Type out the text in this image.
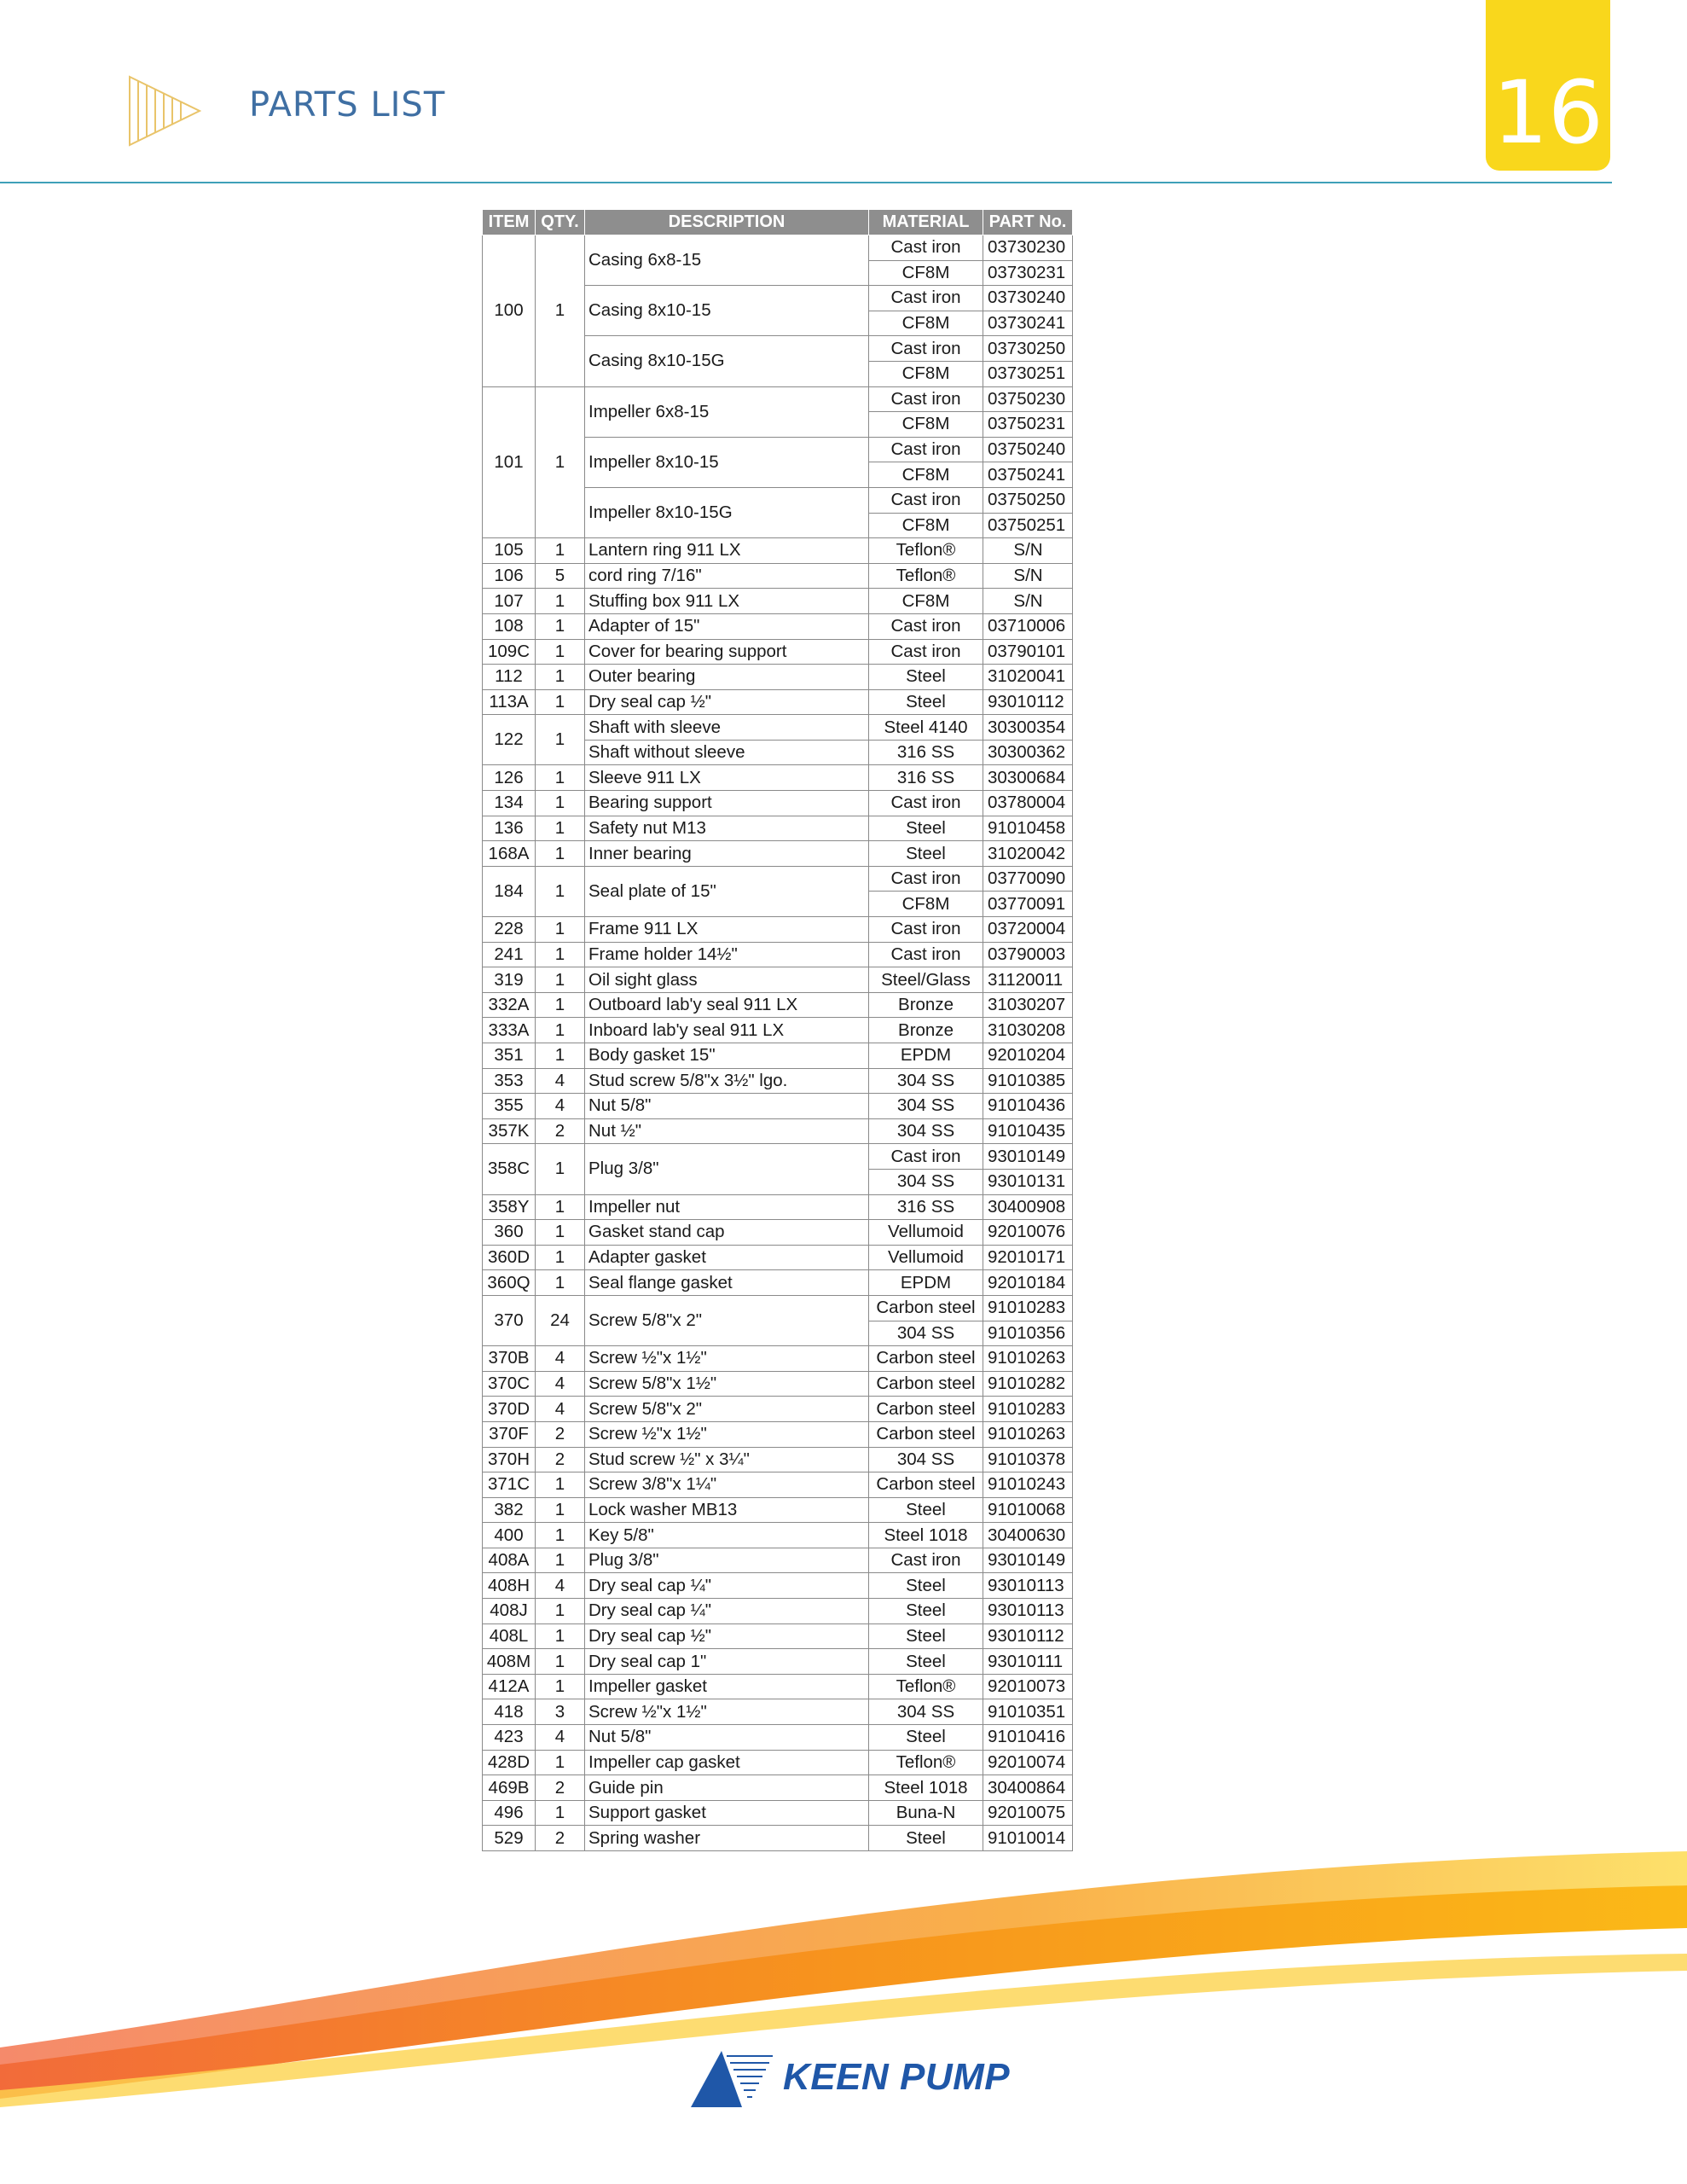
PARTS LIST	16
ITEM	QTY.	DESCRIPTION	MATERIAL	PART No.
100	1	Casing 6x8-15	Cast iron	03730230
			CF8M	03730231
		Casing 8x10-15	Cast iron	03730240
			CF8M	03730241
		Casing 8x10-15G	Cast iron	03730250
			CF8M	03730251
101	1	Impeller 6x8-15	Cast iron	03750230
			CF8M	03750231
		Impeller 8x10-15	Cast iron	03750240
			CF8M	03750241
		Impeller 8x10-15G	Cast iron	03750250
			CF8M	03750251
105	1	Lantern ring 911 LX	Teflon®	S/N
106	5	cord ring 7/16"	Teflon®	S/N
107	1	Stuffing box 911 LX	CF8M	S/N
108	1	Adapter of 15"	Cast iron	03710006
109C	1	Cover for bearing support	Cast iron	03790101
112	1	Outer bearing	Steel	31020041
113A	1	Dry seal cap ½"	Steel	93010112
122	1	Shaft with sleeve	Steel 4140	30300354
		Shaft without sleeve	316 SS	30300362
126	1	Sleeve 911 LX	316 SS	30300684
134	1	Bearing support	Cast iron	03780004
136	1	Safety nut M13	Steel	91010458
168A	1	Inner bearing	Steel	31020042
184	1	Seal plate of 15"	Cast iron	03770090
			CF8M	03770091
228	1	Frame 911 LX	Cast iron	03720004
241	1	Frame holder 14½"	Cast iron	03790003
319	1	Oil sight glass	Steel/Glass	31120011
332A	1	Outboard lab'y seal 911 LX	Bronze	31030207
333A	1	Inboard lab'y seal 911 LX	Bronze	31030208
351	1	Body gasket 15"	EPDM	92010204
353	4	Stud screw 5/8"x 3½" lgo.	304 SS	91010385
355	4	Nut 5/8"	304 SS	91010436
357K	2	Nut ½"	304 SS	91010435
358C	1	Plug 3/8"	Cast iron	93010149
			304 SS	93010131
358Y	1	Impeller nut	316 SS	30400908
360	1	Gasket stand cap	Vellumoid	92010076
360D	1	Adapter gasket	Vellumoid	92010171
360Q	1	Seal flange gasket	EPDM	92010184
370	24	Screw 5/8"x 2"	Carbon steel	91010283
			304 SS	91010356
370B	4	Screw ½"x 1½"	Carbon steel	91010263
370C	4	Screw 5/8"x 1½"	Carbon steel	91010282
370D	4	Screw 5/8"x 2"	Carbon steel	91010283
370F	2	Screw ½"x 1½"	Carbon steel	91010263
370H	2	Stud screw ½" x 3¼"	304 SS	91010378
371C	1	Screw 3/8"x 1¼"	Carbon steel	91010243
382	1	Lock washer MB13	Steel	91010068
400	1	Key 5/8"	Steel 1018	30400630
408A	1	Plug 3/8"	Cast iron	93010149
408H	4	Dry seal cap ¼"	Steel	93010113
408J	1	Dry seal cap ¼"	Steel	93010113
408L	1	Dry seal cap ½"	Steel	93010112
408M	1	Dry seal cap 1"	Steel	93010111
412A	1	Impeller gasket	Teflon®	92010073
418	3	Screw ½"x 1½"	304 SS	91010351
423	4	Nut 5/8"	Steel	91010416
428D	1	Impeller cap gasket	Teflon®	92010074
469B	2	Guide pin	Steel 1018	30400864
496	1	Support gasket	Buna-N	92010075
529	2	Spring washer	Steel	91010014
KEEN PUMP
